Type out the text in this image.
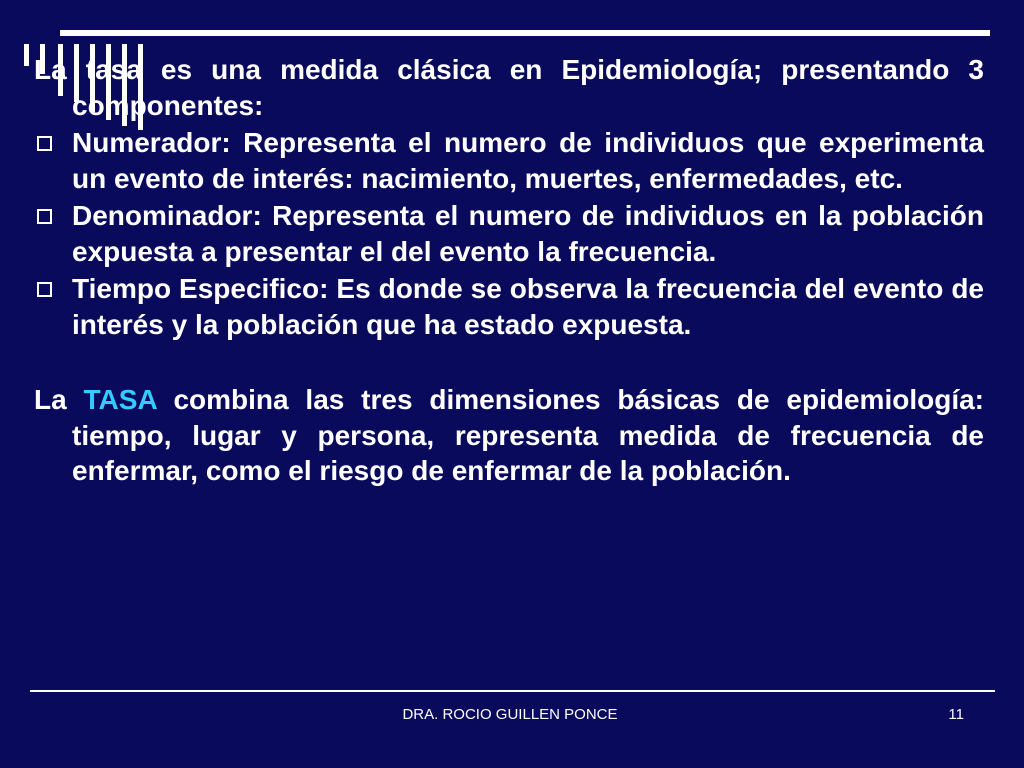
La tasa es una medida clásica en Epidemiología; presentando 3 componentes:

Numerador: Representa el numero de individuos que experimenta un evento de interés: nacimiento, muertes, enfermedades, etc.
Denominador: Representa el numero de individuos en la población expuesta a presentar el del evento la frecuencia.
Tiempo Especifico: Es donde se observa la frecuencia del evento de interés y la población que ha estado expuesta.

La TASA combina las tres dimensiones básicas de epidemiología: tiempo, lugar y persona, representa medida de frecuencia de enfermar, como el riesgo de enfermar de la población.

DRA. ROCIO GUILLEN PONCE	11
